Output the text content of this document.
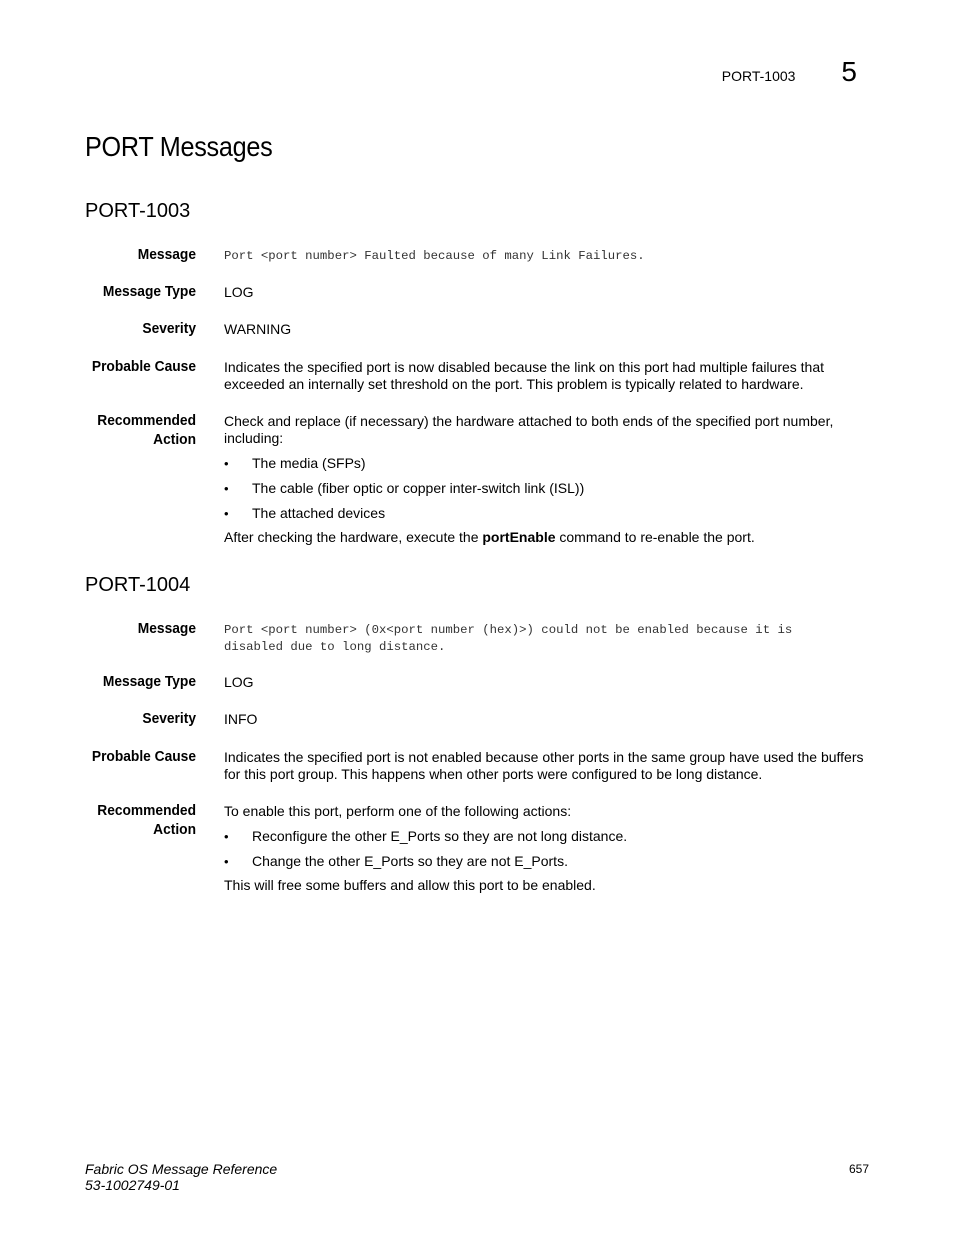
PORT-1003 5
PORT Messages
PORT-1003
Message Port <port number> Faulted because of many Link Failures.
Message Type LOG
Severity WARNING
Probable Cause Indicates the specified port is now disabled because the link on this port had multiple failures that exceeded an internally set threshold on the port. This problem is typically related to hardware.
Recommended
Action

Check and replace (if necessary) the hardware attached to both ends of the specified port number, including:

•	The media (SFPs)
•	The cable (fiber optic or copper inter-switch link (ISL))
•	The attached devices

After checking the hardware, execute the portEnable command to re-enable the port.

PORT-1004
Message Port <port number> (0x<port number (hex)>) could not be enabled because it is disabled due to long distance.
Message Type LOG
Severity INFO
Probable Cause Indicates the specified port is not enabled because other ports in the same group have used the buffers for this port group. This happens when other ports were configured to be long distance.
Recommended
Action

To enable this port, perform one of the following actions:

•	Reconfigure the other E_Ports so they are not long distance.
•	Change the other E_Ports so they are not E_Ports.

This will free some buffers and allow this port to be enabled.

Fabric OS Message Reference
53-1002749-01
657
